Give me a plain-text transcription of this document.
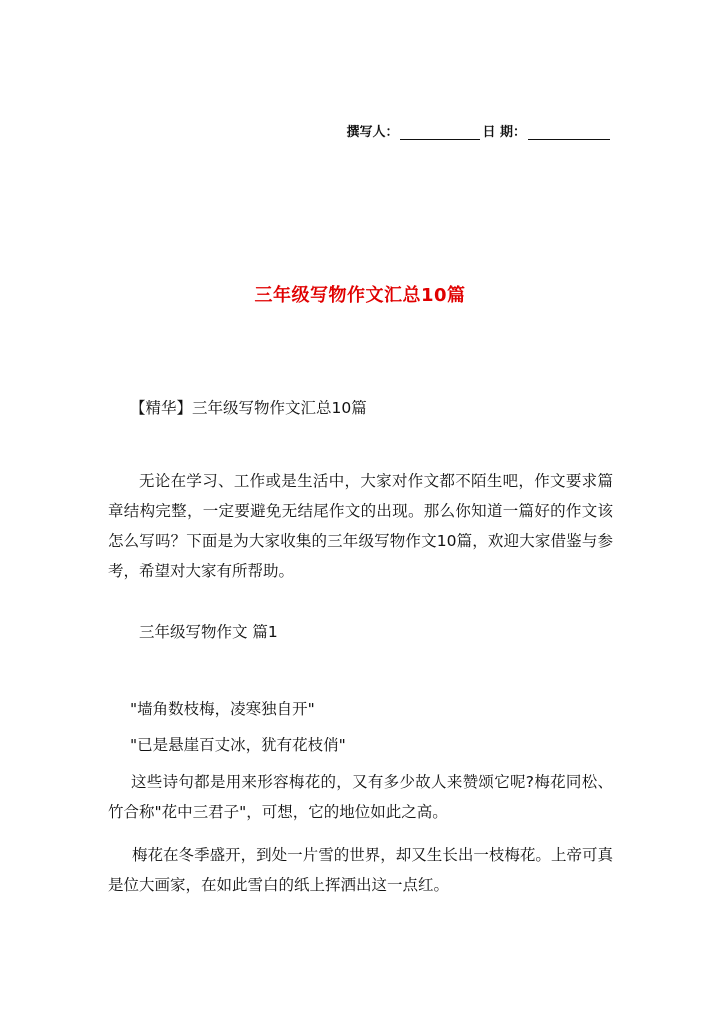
撰写人：	日 期：
三年级写物作文汇总10篇

【精华】三年级写物作文汇总10篇

无论在学习、工作或是生活中，大家对作文都不陌生吧，作文要求篇章结构完整，一定要避免无结尾作文的出现。那么你知道一篇好的作文该怎么写吗？下面是为大家收集的三年级写物作文10篇，欢迎大家借鉴与参考，希望对大家有所帮助。

三年级写物作文 篇1

"墙角数枝梅，凌寒独自开"

"已是悬崖百丈冰，犹有花枝俏"

这些诗句都是用来形容梅花的，又有多少故人来赞颂它呢?梅花同松、竹合称"花中三君子"，可想，它的地位如此之高。

梅花在冬季盛开，到处一片雪的世界，却又生长出一枝梅花。上帝可真是位大画家，在如此雪白的纸上挥洒出这一点红。
